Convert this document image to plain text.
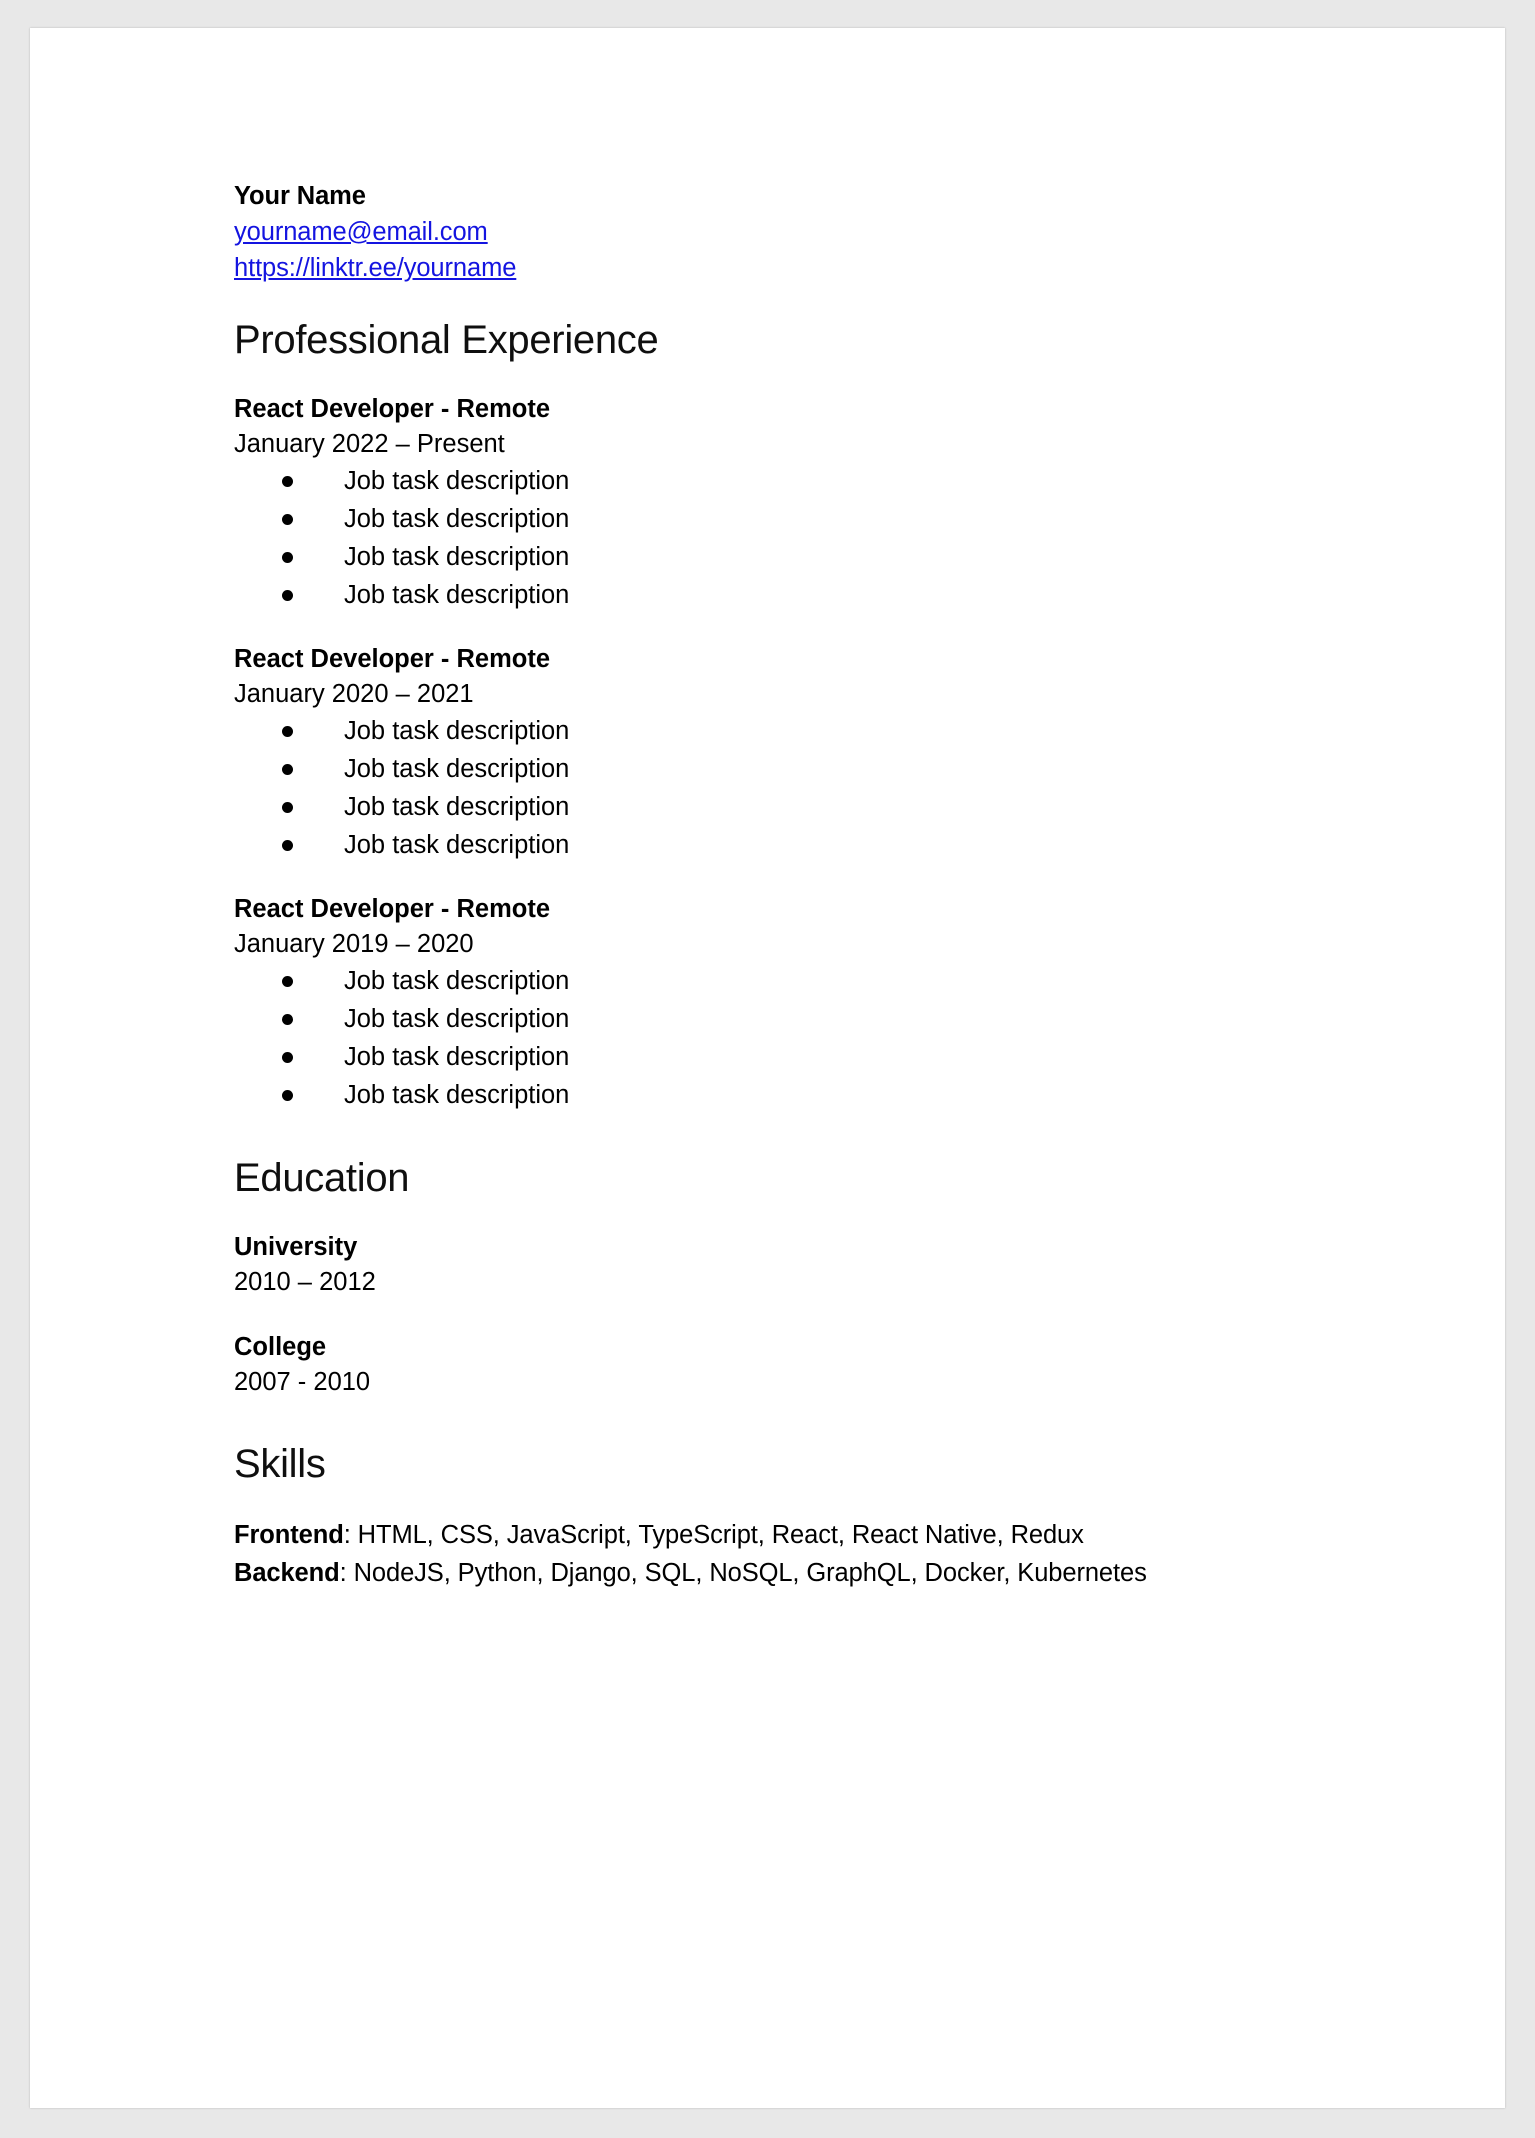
Your Name
yourname@email.com
https://linktr.ee/yourname
Professional Experience
React Developer - Remote
January 2022 – Present
Job task description
Job task description
Job task description
Job task description
React Developer - Remote
January 2020 – 2021
Job task description
Job task description
Job task description
Job task description
React Developer - Remote
January 2019 – 2020
Job task description
Job task description
Job task description
Job task description
Education
University
2010 – 2012
College
2007 - 2010
Skills
Frontend: HTML, CSS, JavaScript, TypeScript, React, React Native, Redux
Backend: NodeJS, Python, Django, SQL, NoSQL, GraphQL, Docker, Kubernetes
